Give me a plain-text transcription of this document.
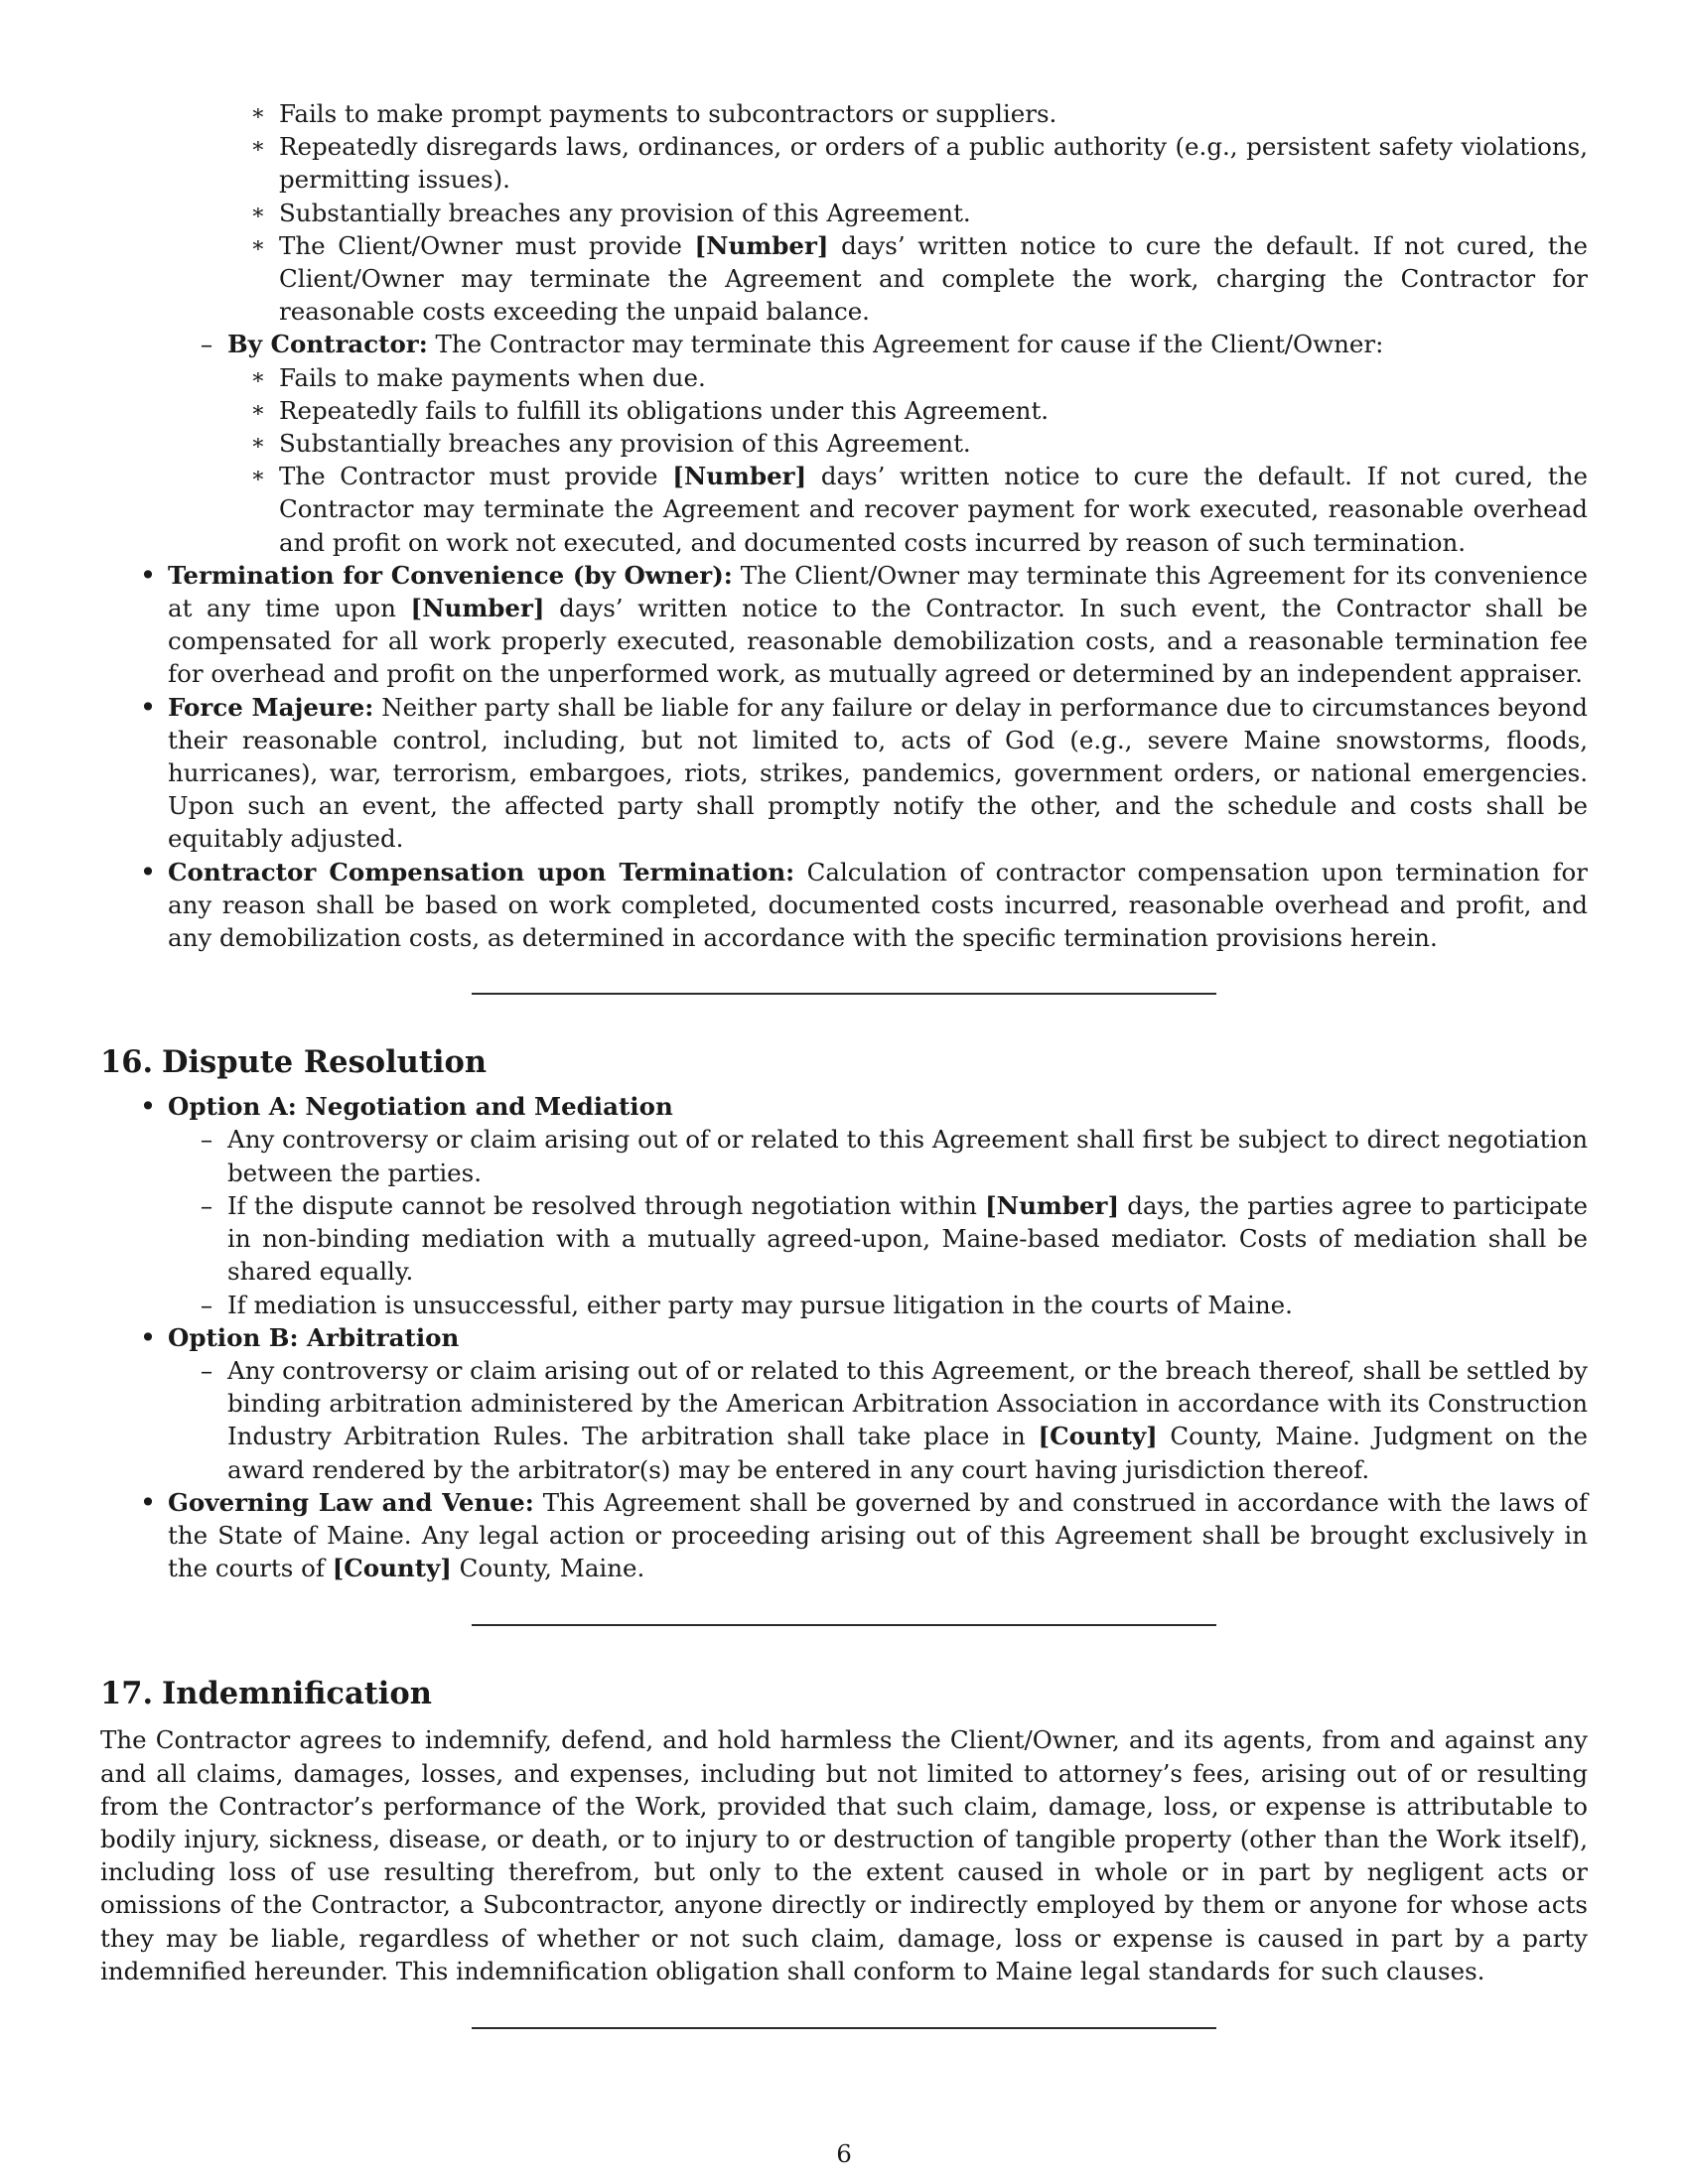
∗ Fails to make prompt payments to subcontractors or suppliers.
∗ Repeatedly disregards laws, ordinances, or orders of a public authority (e.g., persistent safety violations, permitting issues).
∗ Substantially breaches any provision of this Agreement.
∗ The Client/Owner must provide [Number] days’ written notice to cure the default. If not cured, the Client/Owner may terminate the Agreement and complete the work, charging the Contractor for reasonable costs exceeding the unpaid balance.
– By Contractor: The Contractor may terminate this Agreement for cause if the Client/Owner:
∗ Fails to make payments when due.
∗ Repeatedly fails to fulfill its obligations under this Agreement.
∗ Substantially breaches any provision of this Agreement.
∗ The Contractor must provide [Number] days’ written notice to cure the default. If not cured, the Contractor may terminate the Agreement and recover payment for work executed, reasonable overhead and profit on work not executed, and documented costs incurred by reason of such termination.
• Termination for Convenience (by Owner): The Client/Owner may terminate this Agreement for its convenience at any time upon [Number] days’ written notice to the Contractor. In such event, the Contractor shall be compensated for all work properly executed, reasonable demobilization costs, and a reasonable termination fee for overhead and profit on the unperformed work, as mutually agreed or determined by an independent appraiser.
• Force Majeure: Neither party shall be liable for any failure or delay in performance due to circumstances beyond their reasonable control, including, but not limited to, acts of God (e.g., severe Maine snowstorms, floods, hurricanes), war, terrorism, embargoes, riots, strikes, pandemics, government orders, or national emergencies. Upon such an event, the affected party shall promptly notify the other, and the schedule and costs shall be equitably adjusted.
• Contractor Compensation upon Termination: Calculation of contractor compensation upon termination for any reason shall be based on work completed, documented costs incurred, reasonable overhead and profit, and any demobilization costs, as determined in accordance with the specific termination provisions herein.
16. Dispute Resolution
• Option A: Negotiation and Mediation
– Any controversy or claim arising out of or related to this Agreement shall first be subject to direct negotiation between the parties.
– If the dispute cannot be resolved through negotiation within [Number] days, the parties agree to participate in non-binding mediation with a mutually agreed-upon, Maine-based mediator. Costs of mediation shall be shared equally.
– If mediation is unsuccessful, either party may pursue litigation in the courts of Maine.
• Option B: Arbitration
– Any controversy or claim arising out of or related to this Agreement, or the breach thereof, shall be settled by binding arbitration administered by the American Arbitration Association in accordance with its Construction Industry Arbitration Rules. The arbitration shall take place in [County] County, Maine. Judgment on the award rendered by the arbitrator(s) may be entered in any court having jurisdiction thereof.
• Governing Law and Venue: This Agreement shall be governed by and construed in accordance with the laws of the State of Maine. Any legal action or proceeding arising out of this Agreement shall be brought exclusively in the courts of [County] County, Maine.
17. Indemnification

The Contractor agrees to indemnify, defend, and hold harmless the Client/Owner, and its agents, from and against any and all claims, damages, losses, and expenses, including but not limited to attorney’s fees, arising out of or resulting from the Contractor’s performance of the Work, provided that such claim, damage, loss, or expense is attributable to bodily injury, sickness, disease, or death, or to injury to or destruction of tangible property (other than the Work itself), including loss of use resulting therefrom, but only to the extent caused in whole or in part by negligent acts or omissions of the Contractor, a Subcontractor, anyone directly or indirectly employed by them or anyone for whose acts they may be liable, regardless of whether or not such claim, damage, loss or expense is caused in part by a party indemnified hereunder. This indemnification obligation shall conform to Maine legal standards for such clauses.

6
